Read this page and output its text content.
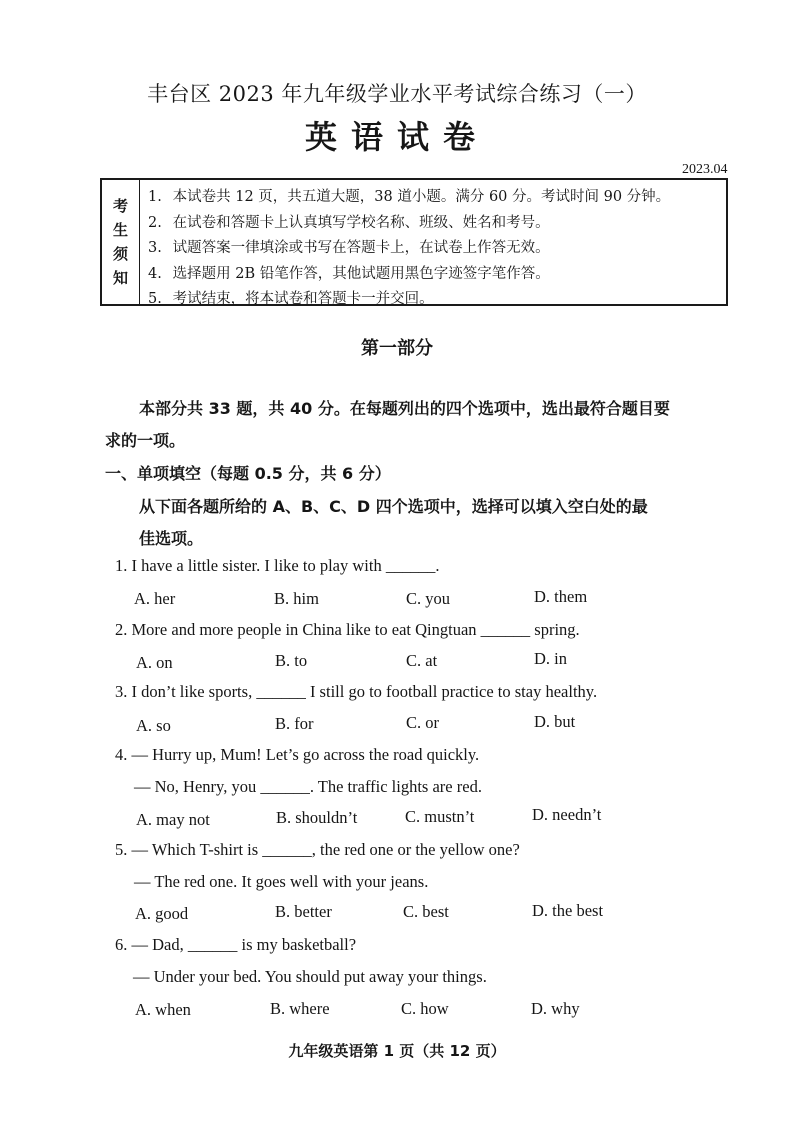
丰台区 2023 年九年级学业水平考试综合练习（一）
英语试卷
2023.04
考
生
须
知
1. 本试卷共 12 页，共五道大题，38 道小题。满分 60 分。考试时间 90 分钟。
2. 在试卷和答题卡上认真填写学校名称、班级、姓名和考号。
3. 试题答案一律填涂或书写在答题卡上，在试卷上作答无效。
4. 选择题用 2B 铅笔作答，其他试题用黑色字迹签字笔作答。
5. 考试结束，将本试卷和答题卡一并交回。
第一部分
本部分共 33 题，共 40 分。在每题列出的四个选项中，选出最符合题目要
求的一项。
一、单项填空（每题 0.5 分，共 6 分）
从下面各题所给的 A、B、C、D 四个选项中，选择可以填入空白处的最
佳选项。
1. I have a little sister. I like to play with ______.
A. her	B. him	C. you	D. them
2. More and more people in China like to eat Qingtuan ______ spring.
A. on	B. to	C. at	D. in
3. I don’t like sports, ______ I still go to football practice to stay healthy.
A. so	B. for	C. or	D. but
4. — Hurry up, Mum! Let’s go across the road quickly.
— No, Henry, you ______. The traffic lights are red.
A. may not	B. shouldn’t	C. mustn’t	D. needn’t
5. — Which T-shirt is ______, the red one or the yellow one?
— The red one. It goes well with your jeans.
A. good	B. better	C. best	D. the best
6. — Dad, ______ is my basketball?
— Under your bed. You should put away your things.
A. when	B. where	C. how	D. why
九年级英语第 1 页（共 12 页）
